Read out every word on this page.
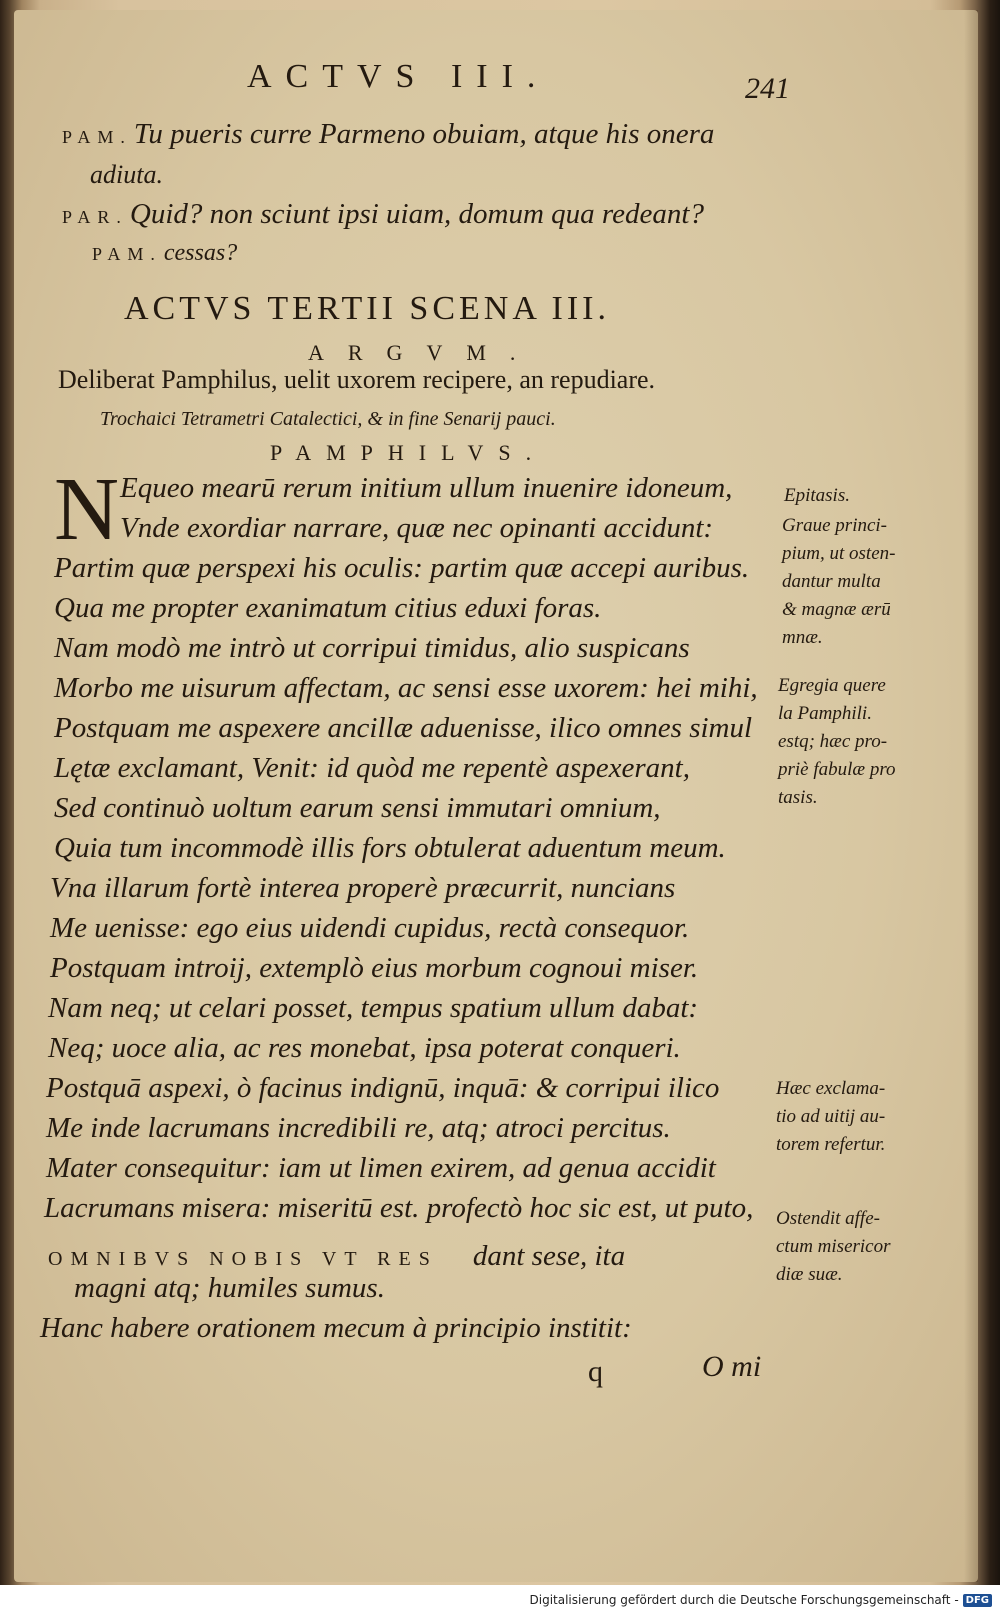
ACTVS III.	241
PAM.Tu pueris curre Parmeno obuiam, atque his onera
adiuta.
PAR.Quid? non sciunt ipsi uiam, domum qua redeant?
PAM.cessas?
ACTVS TERTII SCENA III.
ARGVM.
Deliberat Pamphilus, uelit uxorem recipere, an repudiare.
Trochaici Tetrametri Catalectici, & in fine Senarij pauci.
PAMPHILVS.
N Equeo mearū rerum initium ullum inuenire idoneum,
Vnde exordiar narrare, quæ nec opinanti accidunt:
Partim quæ perspexi his oculis: partim quæ accepi auribus.
Qua me propter exanimatum citius eduxi foras.
Nam modò me intrò ut corripui timidus, alio suspicans
Morbo me uisurum affectam, ac sensi esse uxorem: hei mihi,
Postquam me aspexere ancillæ aduenisse, ilico omnes simul
Lętæ exclamant, Venit: id quòd me repentè aspexerant,
Sed continuò uoltum earum sensi immutari omnium,
Quia tum incommodè illis fors obtulerat aduentum meum.
Vna illarum fortè interea properè præcurrit, nuncians
Me uenisse: ego eius uidendi cupidus, rectà consequor.
Postquam introij, extemplò eius morbum cognoui miser.
Nam neq; ut celari posset, tempus spatium ullum dabat:
Neq; uoce alia, ac res monebat, ipsa poterat conqueri.
Postquā aspexi, ò facinus indignū, inquā: & corripui ilico
Me inde lacrumans incredibili re, atq; atroci percitus.
Mater consequitur: iam ut limen exirem, ad genua accidit
Lacrumans misera: miseritū est. profectò hoc sic est, ut puto,
OMNIBVS NOBIS VT RES dant sese, ita
magni atq; humiles sumus.
Hanc habere orationem mecum à principio institit:
q	O mi
Epitasis.
Graue princi-
pium, ut osten-
dantur multa
& magnæ ærū
mnæ.
Egregia quere
la Pamphili.
estq; hæc pro-
priè fabulæ pro
tasis.
Hæc exclama-
tio ad uitij au-
torem refertur.
Ostendit affe-
ctum misericor
diæ suæ.
Digitalisierung gefördert durch die Deutsche Forschungsgemeinschaft - DFG
